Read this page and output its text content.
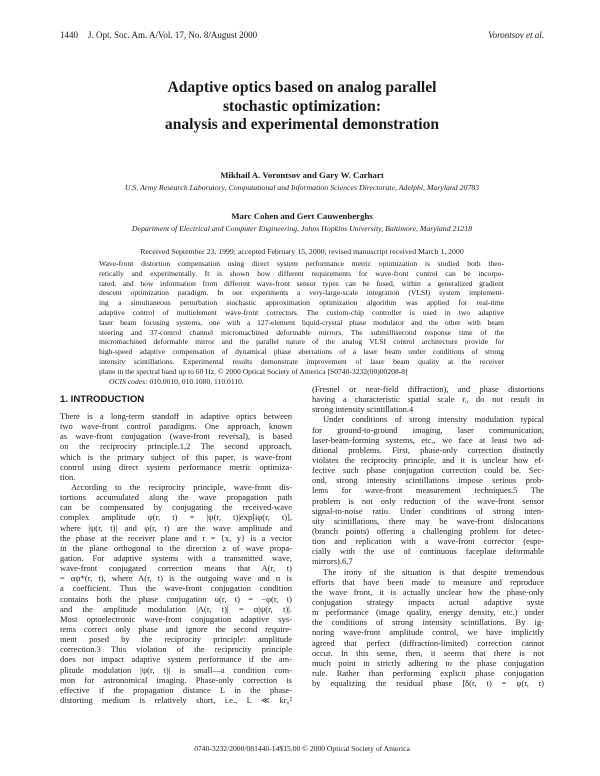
1440	J. Opt. Soc. Am. A/Vol. 17, No. 8/August 2000	Vorontsov et al.
Adaptive optics based on analog parallel
stochastic optimization:
analysis and experimental demonstration
Mikhail A. Vorontsov and Gary W. Carhart
U.S. Army Research Laboratory, Computational and Information Sciences Directorate, Adelphi, Maryland 20783
Marc Cohen and Gert Cauwenberghs
Department of Electrical and Computer Engineering, Johns Hopkins University, Baltimore, Maryland 21218
Received September 23, 1999; accepted February 15, 2000; revised manuscript received March 1, 2000
Wave-front distortion compensation using direct system performance metric optimization is studied both theo-
retically and experimentally. It is shown how different requirements for wave-front control can be incorpo-
rated, and how information from different wave-front sensor types can be fused, within a generalized gradient
descent optimization paradigm. In our experiments a very-large-scale integration (VLSI) system implement-
ing a simultaneous perturbation stochastic approximation optimization algorithm was applied for real-time
adaptive control of multielement wave-front correctors. The custom-chip controller is used in two adaptive
laser beam focusing systems, one with a 127-element liquid-crystal phase modulator and the other with beam
steering and 37-control channel micromachined deformable mirrors. The submillisecond response time of the
micromachined deformable mirror and the parallel nature of the analog VLSI control architecture provide for
high-speed adaptive compensation of dynamical phase aberrations of a laser beam under conditions of strong
intensity scintillations. Experimental results demonstrate improvement of laser beam quality at the receiver
plane in the spectral band up to 60 Hz. © 2000 Optical Society of America [S0740-3232(00)00208-8]
OCIS codes: 010.0010, 010.1080, 110.0110.
1. INTRODUCTION
There is a long-term standoff in adaptive optics between
two wave-front control paradigms. One approach, known
as wave-front conjugation (wave-front reversal), is based
on the reciprocity principle.1,2 The second approach,
which is the primary subject of this paper, is wave-front
control using direct system performance metric optimiza-
tion.
According to the reciprocity principle, wave-front dis-
tortions accumulated along the wave propagation path
can be compensated by conjugating the received-wave
complex amplitude ψ(r, t) = |ψ(r, t)|exp[iφ(r, t)],
where |ψ(r, t)| and φ(r, t) are the wave amplitude and
the phase at the receiver plane and r = {x, y} is a vector
in the plane orthogonal to the direction z of wave propa-
gation. For adaptive systems with a transmitted wave,
wave-front conjugated correction means that A(r, t)
= αψ*(r, t), where A(r, t) is the outgoing wave and α is
a coefficient. Thus the wave-front conjugation condition
contains both the phase conjugation u(r, t) = −φ(r, t)
and the amplitude modulation |A(r, t)| = α|ψ(r, t)|.
Most optoelectronic wave-front conjugation adaptive sys-
tems correct only phase and ignore the second require-
ment posed by the reciprocity principle: amplitude
correction.3 This violation of the reciprocity principle
does not impact adaptive system performance if the am-
plitude modulation |ψ(r, t)| is small—a condition com-
mon for astronomical imaging. Phase-only correction is
effective if the propagation distance L in the phase-
distorting medium is relatively short, i.e., L ≪ kr₀²
(Fresnel or near-field diffraction), and phase distortions
having a characteristic spatial scale r₀ do not result in
strong intensity scintillation.4
Under conditions of strong intensity modulation typical
for ground-to-ground imaging, laser communication,
laser-beam-forming systems, etc., we face at least two ad-
ditional problems. First, phase-only correction distinctly
violates the reciprocity principle, and it is unclear how ef-
fective such phase conjugation correction could be. Sec-
ond, strong intensity scintillations impose serious prob-
lems for wave-front measurement techniques.5 The
problem is not only reduction of the wave-front sensor
signal-to-noise ratio. Under conditions of strong inten-
sity scintillations, there may be wave-front dislocations
(branch points) offering a challenging problem for detec-
tion and replication with a wave-front corrector (espe-
cially with the use of continuous faceplate deformable
mirrors).6,7
The irony of the situation is that despite tremendous
efforts that have been made to measure and reproduce
the wave front, it is actually unclear how the phase-only
conjugation strategy impacts actual adaptive syste
m performance (image quality, energy density, etc.) under
the conditions of strong intensity scintillations. By ig-
noring wave-front amplitude control, we have implicitly
agreed that perfect (diffraction-limited) correction cannot
occur. In this sense, then, it seems that there is not
much point in strictly adhering to the phase conjugation
rule. Rather than performing explicit phase conjugation
by equalizing the residual phase [δ(r, t) = φ(r, t)
0740-3232/2000/081440-14$15.00 © 2000 Optical Society of America
